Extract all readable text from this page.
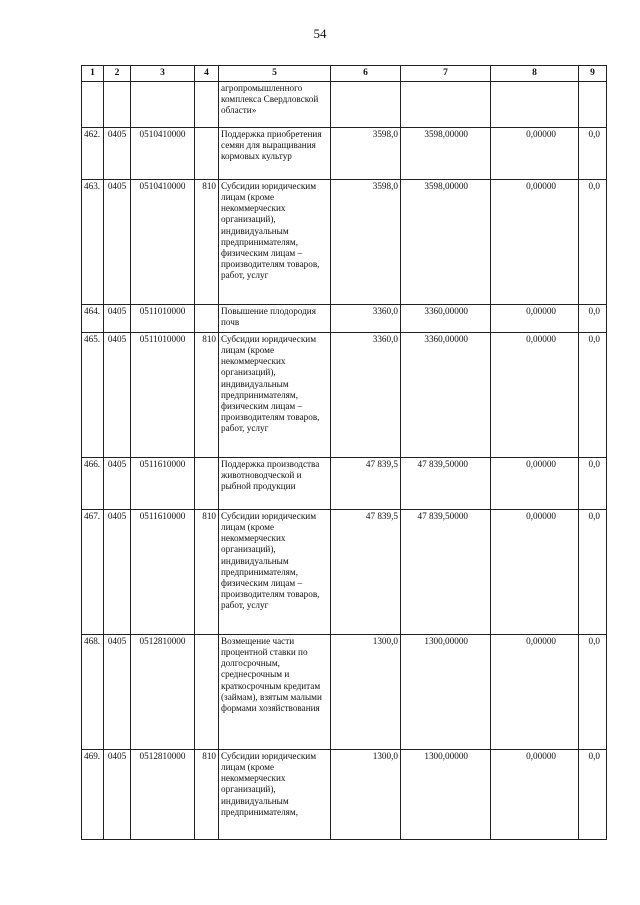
54
1	2	3	4	5	6	7	8	9
				агропромышленного комплекса Свердловской области»				
462.	0405	0510410000		Поддержка приобретения семян для выращивания кормовых культур	3598,0	3598,00000	0,00000	0,0
463.	0405	0510410000	810	Субсидии юридическим лицам (кроме некоммерческих организаций), индивидуальным предпринимателям, физическим лицам – производителям товаров, работ, услуг	3598,0	3598,00000	0,00000	0,0
464.	0405	0511010000		Повышение плодородия почв	3360,0	3360,00000	0,00000	0,0
465.	0405	0511010000	810	Субсидии юридическим лицам (кроме некоммерческих организаций), индивидуальным предпринимателям, физическим лицам – производителям товаров, работ, услуг	3360,0	3360,00000	0,00000	0,0
466.	0405	0511610000		Поддержка производства животноводческой и рыбной продукции	47 839,5	47 839,50000	0,00000	0,0
467.	0405	0511610000	810	Субсидии юридическим лицам (кроме некоммерческих организаций), индивидуальным предпринимателям, физическим лицам – производителям товаров, работ, услуг	47 839,5	47 839,50000	0,00000	0,0
468.	0405	0512810000		Возмещение части процентной ставки по долгосрочным, среднесрочным и краткосрочным кредитам (займам), взятым малыми формами хозяйствования	1300,0	1300,00000	0,00000	0,0
469.	0405	0512810000	810	Субсидии юридическим лицам (кроме некоммерческих организаций), индивидуальным предпринимателям,	1300,0	1300,00000	0,00000	0,0
